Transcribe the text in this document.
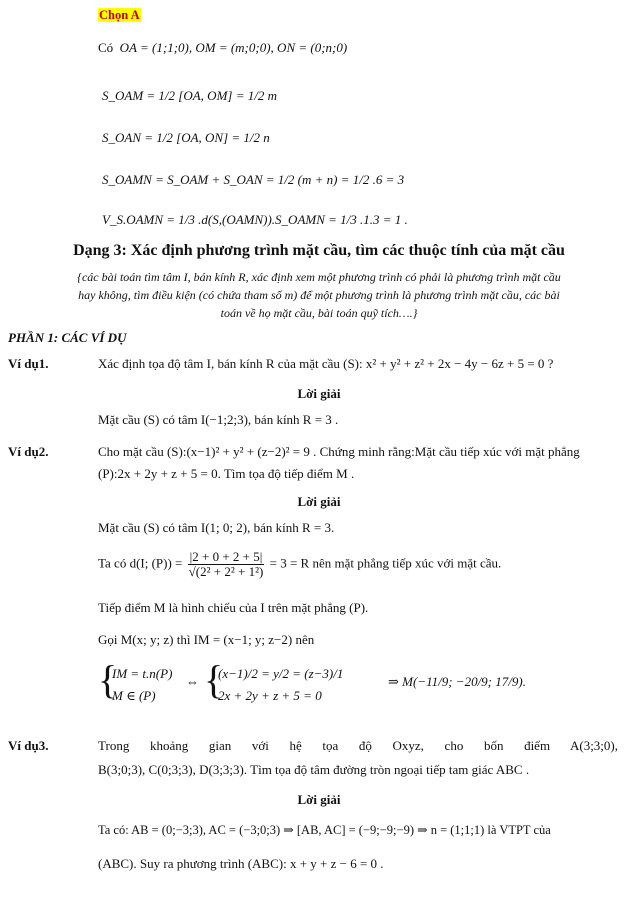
Chọn A
Có OA = (1;1;0), OM = (m;0;0), ON = (0;n;0)
S_OAM = 1/2 [OA, OM] = 1/2 m
S_OAN = 1/2 [OA, ON] = 1/2 n
S_OAMN = S_OAM + S_OAN = 1/2 (m + n) = 1/2 .6 = 3
V_S.OAMN = 1/3 .d(S,(OAMN)).S_OAMN = 1/3 .1.3 = 1 .
Dạng 3: Xác định phương trình mặt cầu, tìm các thuộc tính của mặt cầu
{các bài toán tìm tâm I, bán kính R, xác định xem một phương trình có phải là phương trình mặt cầu hay không, tìm điều kiện (có chứa tham số m) để một phương trình là phương trình mặt cầu, các bài toán về họ mặt cầu, bài toán quỹ tích….}
PHẦN 1: CÁC VÍ DỤ
Ví dụ1.	Xác định tọa độ tâm I, bán kính R của mặt cầu (S): x² + y² + z² + 2x − 4y − 6z + 5 = 0 ?
Lời giải
Mặt cầu (S) có tâm I(−1;2;3), bán kính R = 3 .
Ví dụ2.	Cho mặt cầu (S):(x−1)² + y² + (z−2)² = 9 . Chứng minh rằng:Mặt cầu tiếp xúc với mặt phẳng
(P):2x + 2y + z + 5 = 0. Tìm tọa độ tiếp điểm M .
Lời giải
Mặt cầu (S) có tâm I(1; 0; 2), bán kính R = 3.
Ta có d(I; $(P)) = \frac{|2 + 0 + 2 + 5|}{\text{√(2² + 2² + 1²)}} = 3 = R$ nên mặt phẳng tiếp xúc với mặt cầu.
Tiếp điểm M là hình chiếu của I trên mặt phẳng (P).
Gọi M(x; y; z) thì IM = (x−1; y; z−2) nên
{
IM = t.n(P)
M ∈ (P)
⇔ {
(x−1)/2 = y/2 = (z−3)/1
2x + 2y + z + 5 = 0
⇒ M(−11/9; −20/9; 17/9).
Ví dụ3.	Trong khoảng gian với hệ tọa độ Oxyz, cho bốn điểm A(3;3;0),
B(3;0;3), C(0;3;3), D(3;3;3). Tìm tọa độ tâm đường tròn ngoại tiếp tam giác ABC .
Lời giải
Ta có: AB = (0;−3;3), AC = (−3;0;3) ⇒ [AB, AC] = (−9;−9;−9) ⇒ n = (1;1;1) là VTPT của
(ABC). Suy ra phương trình (ABC): x + y + z − 6 = 0 .
